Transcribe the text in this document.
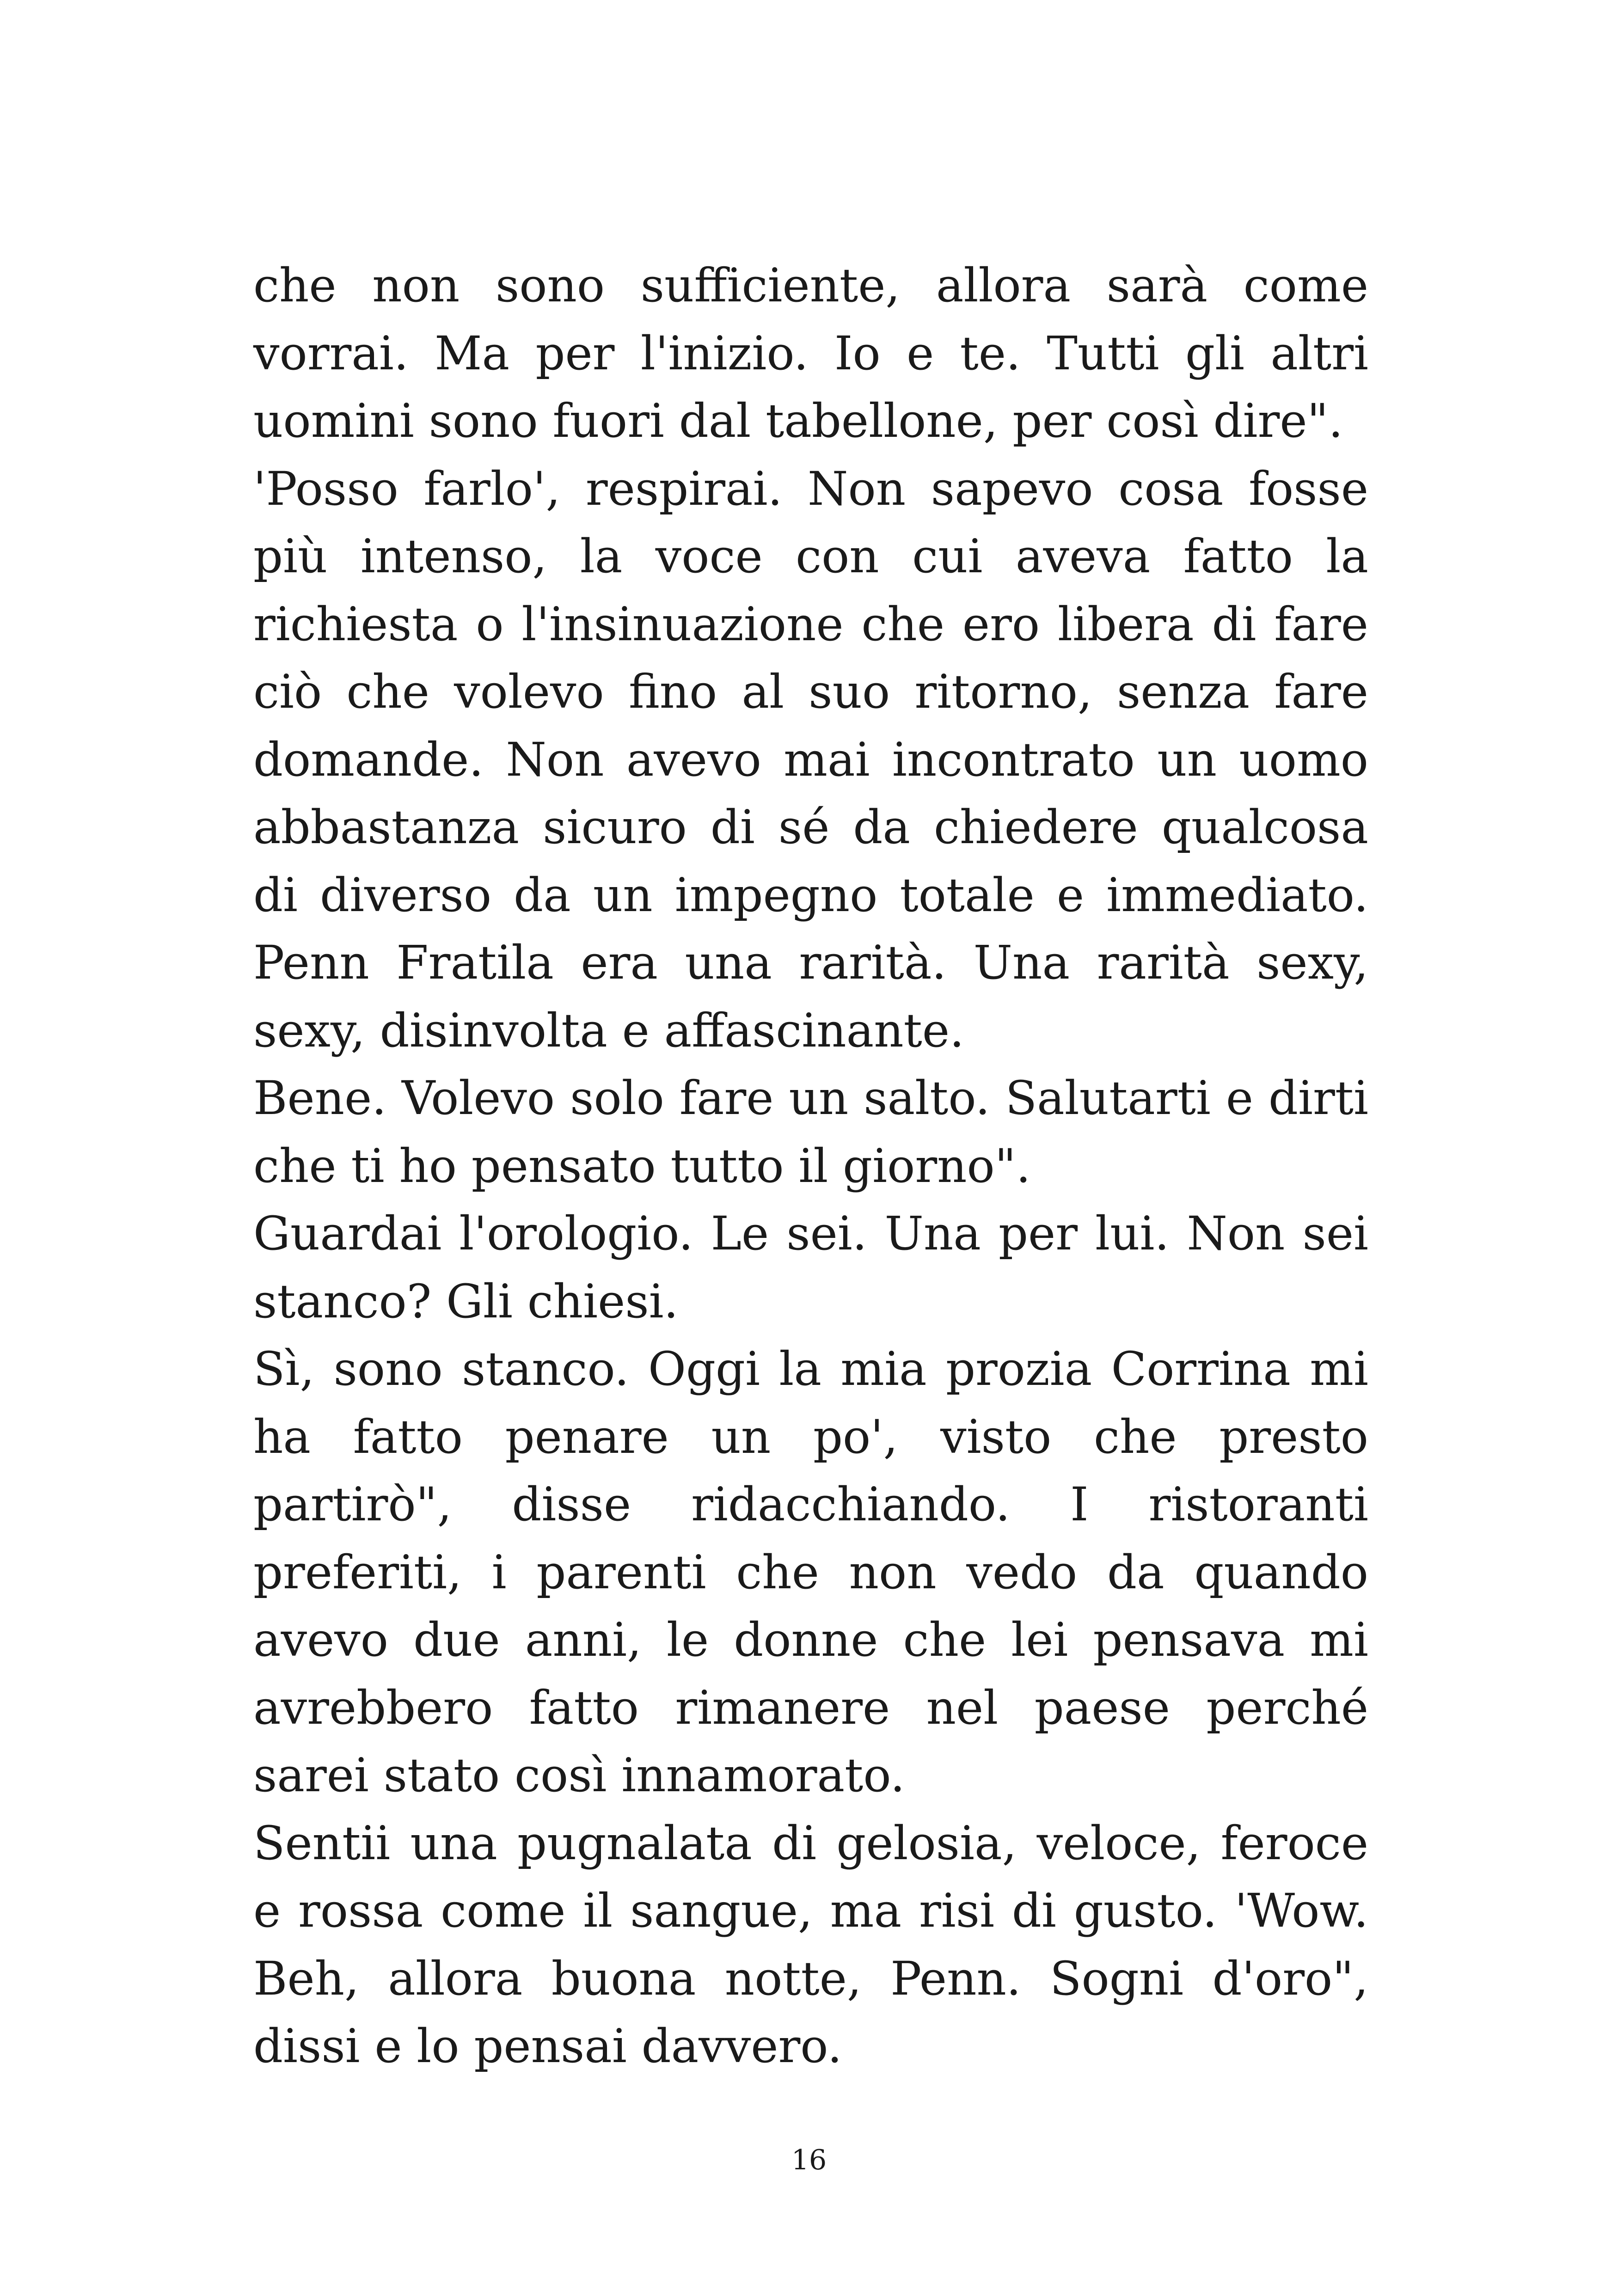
che non sono sufficiente, allora sarà come vorrai. Ma per l'inizio. Io e te. Tutti gli altri uomini sono fuori dal tabellone, per così dire".

'Posso farlo', respirai. Non sapevo cosa fosse più intenso, la voce con cui aveva fatto la richiesta o l'insinuazione che ero libera di fare ciò che volevo fino al suo ritorno, senza fare domande. Non avevo mai incontrato un uomo abbastanza sicuro di sé da chiedere qualcosa di diverso da un impegno totale e immediato. Penn Fratila era una rarità. Una rarità sexy, sexy, disinvolta e affascinante.

Bene. Volevo solo fare un salto. Salutarti e dirti che ti ho pensato tutto il giorno".

Guardai l'orologio. Le sei. Una per lui. Non sei stanco? Gli chiesi.

Sì, sono stanco. Oggi la mia prozia Corrina mi ha fatto penare un po', visto che presto partirò", disse ridacchiando. I ristoranti preferiti, i parenti che non vedo da quando avevo due anni, le donne che lei pensava mi avrebbero fatto rimanere nel paese perché sarei stato così innamorato.

Sentii una pugnalata di gelosia, veloce, feroce e rossa come il sangue, ma risi di gusto. 'Wow. Beh, allora buona notte, Penn. Sogni d'oro", dissi e lo pensai davvero.

16
